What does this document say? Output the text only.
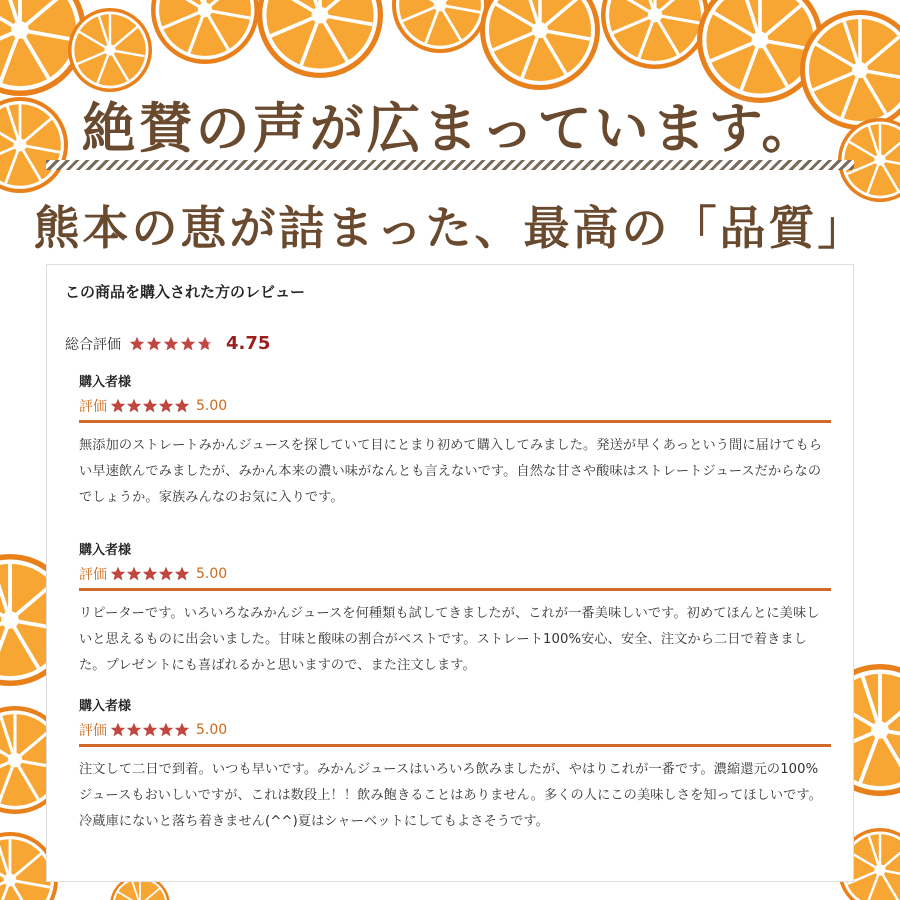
絶賛の声が広まっています。
熊本の恵が詰まった、最高の「品質」
この商品を購入された方のレビュー
総合評価	4.75
購入者様
評価	5.00
無添加のストレートみかんジュースを探していて目にとまり初めて購入してみました。発送が早くあっという間に届けてもらい早速飲んでみましたが、みかん本来の濃い味がなんとも言えないです。自然な甘さや酸味はストレートジュースだからなのでしょうか。家族みんなのお気に入りです。
購入者様
評価	5.00
リピーターです。いろいろなみかんジュースを何種類も試してきましたが、これが一番美味しいです。初めてほんとに美味しいと思えるものに出会いました。甘味と酸味の割合がベストです。ストレート100%安心、安全、注文から二日で着きました。プレゼントにも喜ばれるかと思いますので、また注文します。
購入者様
評価	5.00
注文して二日で到着。いつも早いです。みかんジュースはいろいろ飲みましたが、やはりこれが一番です。濃縮還元の100%ジュースもおいしいですが、これは数段上！！飲み飽きることはありません。多くの人にこの美味しさを知ってほしいです。冷蔵庫にないと落ち着きません(^^)夏はシャーベットにしてもよさそうです。
